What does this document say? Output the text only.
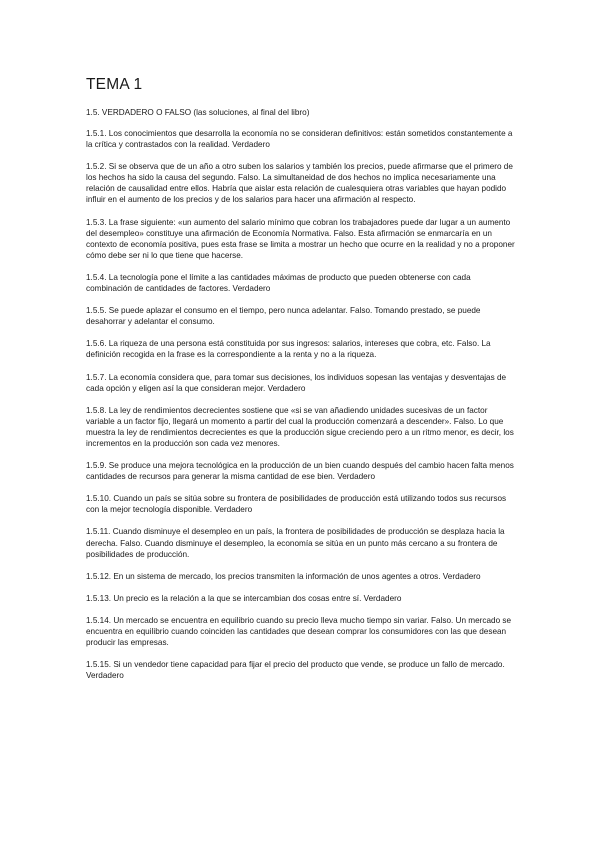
TEMA 1
1.5. VERDADERO O FALSO (las soluciones, al final del libro)

1.5.1. Los conocimientos que desarrolla la economía no se consideran definitivos: están sometidos constantemente a la crítica y contrastados con la realidad. Verdadero

1.5.2. Si se observa que de un año a otro suben los salarios y también los precios, puede afirmarse que el primero de los hechos ha sido la causa del segundo. Falso. La simultaneidad de dos hechos no implica necesariamente una relación de causalidad entre ellos. Habría que aislar esta relación de cualesquiera otras variables que hayan podido influir en el aumento de los precios y de los salarios para hacer una afirmación al respecto.

1.5.3. La frase siguiente: «un aumento del salario mínimo que cobran los trabajadores puede dar lugar a un aumento del desempleo» constituye una afirmación de Economía Normativa. Falso. Esta afirmación se enmarcaría en un contexto de economía positiva, pues esta frase se limita a mostrar un hecho que ocurre en la realidad y no a proponer cómo debe ser ni lo que tiene que hacerse.

1.5.4. La tecnología pone el límite a las cantidades máximas de producto que pueden obtenerse con cada combinación de cantidades de factores. Verdadero

1.5.5. Se puede aplazar el consumo en el tiempo, pero nunca adelantar. Falso. Tomando prestado, se puede desahorrar y adelantar el consumo.

1.5.6. La riqueza de una persona está constituida por sus ingresos: salarios, intereses que cobra, etc. Falso. La definición recogida en la frase es la correspondiente a la renta y no a la riqueza.

1.5.7. La economía considera que, para tomar sus decisiones, los individuos sopesan las ventajas y desventajas de cada opción y eligen así la que consideran mejor. Verdadero

1.5.8. La ley de rendimientos decrecientes sostiene que «si se van añadiendo unidades sucesivas de un factor variable a un factor fijo, llegará un momento a partir del cual la producción comenzará a descender». Falso. Lo que muestra la ley de rendimientos decrecientes es que la producción sigue creciendo pero a un ritmo menor, es decir, los incrementos en la producción son cada vez menores.

1.5.9. Se produce una mejora tecnológica en la producción de un bien cuando después del cambio hacen falta menos cantidades de recursos para generar la misma cantidad de ese bien. Verdadero

1.5.10. Cuando un país se sitúa sobre su frontera de posibilidades de producción está utilizando todos sus recursos con la mejor tecnología disponible. Verdadero

1.5.11. Cuando disminuye el desempleo en un país, la frontera de posibilidades de producción se desplaza hacia la derecha. Falso. Cuando disminuye el desempleo, la economía se sitúa en un punto más cercano a su frontera de posibilidades de producción.

1.5.12. En un sistema de mercado, los precios transmiten la información de unos agentes a otros. Verdadero

1.5.13. Un precio es la relación a la que se intercambian dos cosas entre sí. Verdadero

1.5.14. Un mercado se encuentra en equilibrio cuando su precio lleva mucho tiempo sin variar. Falso. Un mercado se encuentra en equilibrio cuando coinciden las cantidades que desean comprar los consumidores con las que desean producir las empresas.

1.5.15. Si un vendedor tiene capacidad para fijar el precio del producto que vende, se produce un fallo de mercado. Verdadero
